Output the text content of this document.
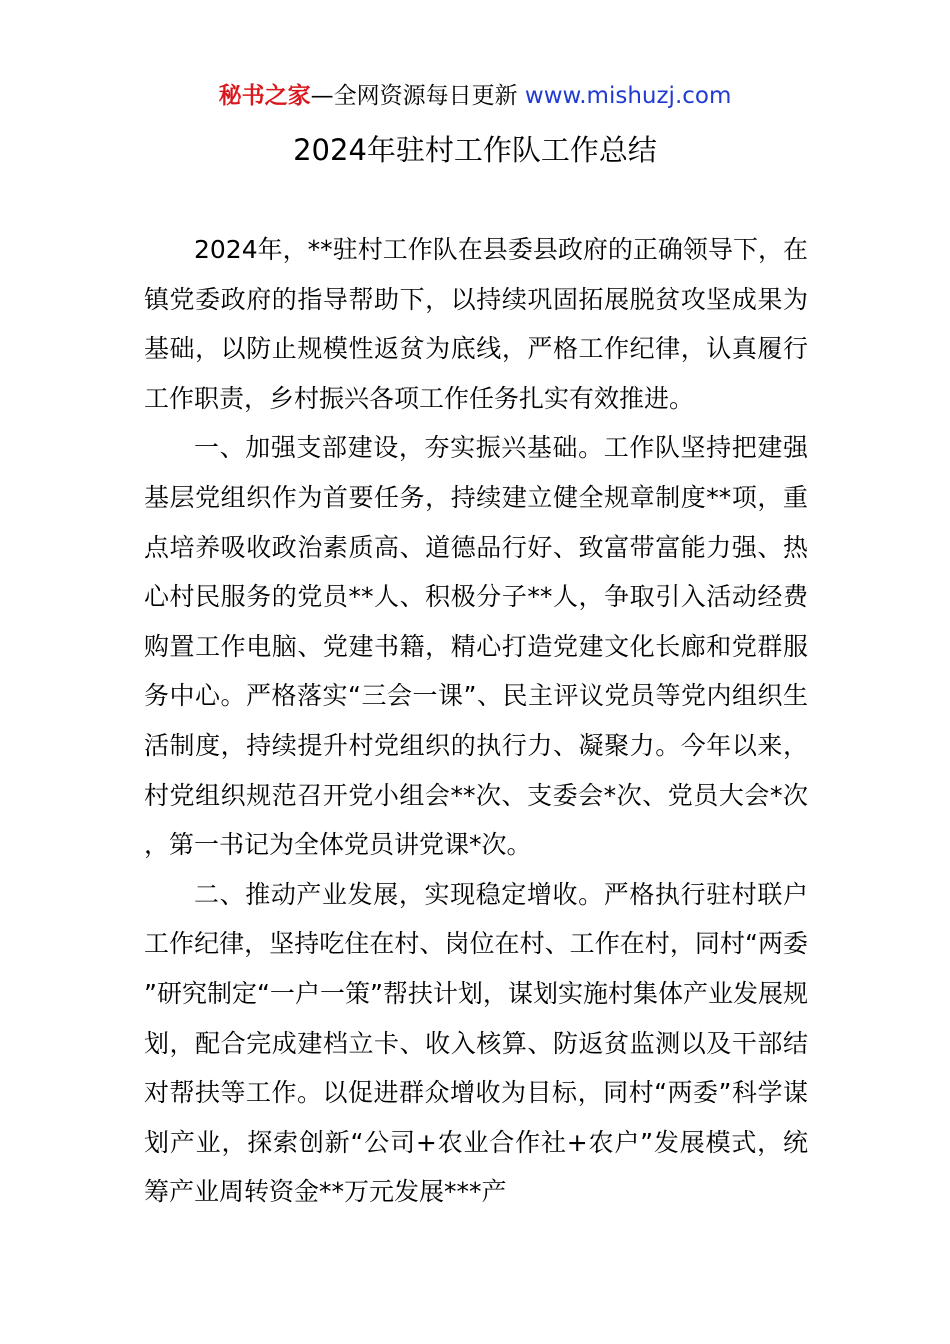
秘书之家—全网资源每日更新 www.mishuzj.com
2024年驻村工作队工作总结

2024年，**驻村工作队在县委县政府的正确领导下，在镇党委政府的指导帮助下，以持续巩固拓展脱贫攻坚成果为基础，以防止规模性返贫为底线，严格工作纪律，认真履行工作职责，乡村振兴各项工作任务扎实有效推进。

一、加强支部建设，夯实振兴基础。工作队坚持把建强基层党组织作为首要任务，持续建立健全规章制度**项，重点培养吸收政治素质高、道德品行好、致富带富能力强、热心村民服务的党员**人、积极分子**人，争取引入活动经费购置工作电脑、党建书籍，精心打造党建文化长廊和党群服务中心。严格落实“三会一课”、民主评议党员等党内组织生活制度，持续提升村党组织的执行力、凝聚力。今年以来，村党组织规范召开党小组会**次、支委会*次、党员大会*次，第一书记为全体党员讲党课*次。

二、推动产业发展，实现稳定增收。严格执行驻村联户工作纪律，坚持吃住在村、岗位在村、工作在村，同村“两委”研究制定“一户一策”帮扶计划，谋划实施村集体产业发展规划，配合完成建档立卡、收入核算、防返贫监测以及干部结对帮扶等工作。以促进群众增收为目标，同村“两委”科学谋划产业，探索创新“公司+农业合作社+农户”发展模式，统筹产业周转资金**万元发展***产
